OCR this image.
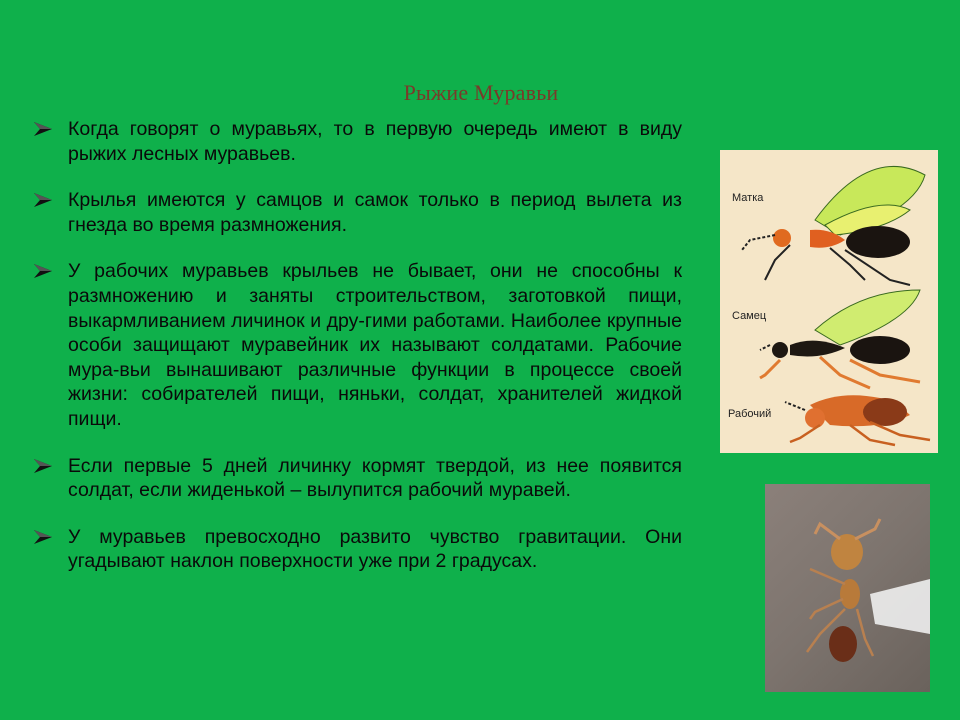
Рыжие Муравьи
Когда говорят о муравьях, то в первую очередь имеют в виду рыжих лесных муравьев.
Крылья имеются у самцов и самок только в период вылета из гнезда во время размножения.
У рабочих муравьев крыльев не бывает, они не способны к размножению и заняты строительством, заготовкой пищи, выкармливанием личинок и дру-гими работами. Наиболее крупные особи защищают муравейник их называют солдатами. Рабочие мура-вьи вынашивают различные функции в процессе своей жизни: собирателей пищи, няньки, солдат, хранителей жидкой пищи.
Если первые 5 дней личинку кормят твердой, из нее появится солдат, если жиденькой – вылупится рабочий муравей.
У муравьев превосходно развито чувство гравитации. Они угадывают наклон поверхности уже при 2 градусах.
Матка
Самец
Рабочий
